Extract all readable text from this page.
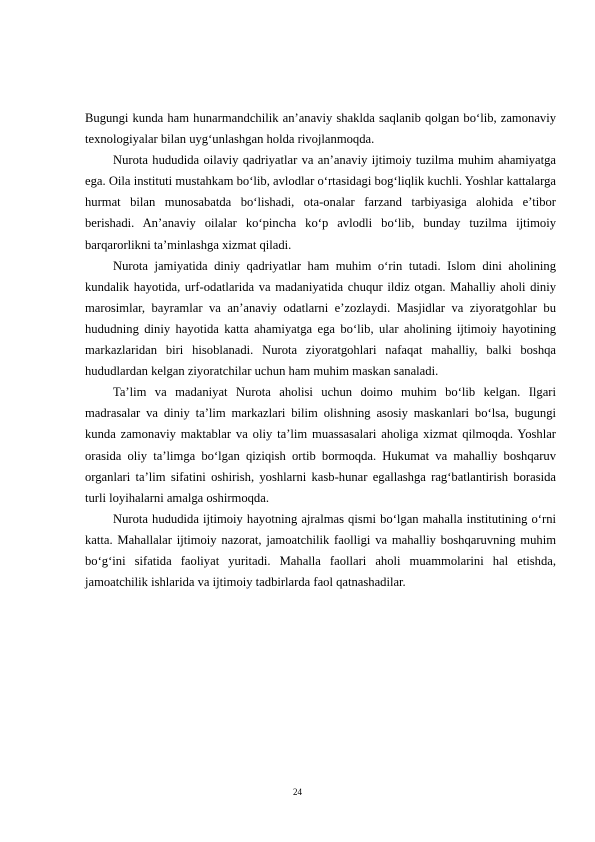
Bugungi kunda ham hunarmandchilik an’anaviy shaklda saqlanib qolgan bo‘lib, zamonaviy texnologiyalar bilan uyg‘unlashgan holda rivojlanmoqda.

Nurota hududida oilaviy qadriyatlar va an’anaviy ijtimoiy tuzilma muhim ahamiyatga ega. Oila instituti mustahkam bo‘lib, avlodlar o‘rtasidagi bog‘liqlik kuchli. Yoshlar kattalarga hurmat bilan munosabatda bo‘lishadi, ota-onalar farzand tarbiyasiga alohida e’tibor berishadi. An’anaviy oilalar ko‘pincha ko‘p avlodli bo‘lib, bunday tuzilma ijtimoiy barqarorlikni ta’minlashga xizmat qiladi.

Nurota jamiyatida diniy qadriyatlar ham muhim o‘rin tutadi. Islom dini aholining kundalik hayotida, urf-odatlarida va madaniyatida chuqur ildiz otgan. Mahalliy aholi diniy marosimlar, bayramlar va an’anaviy odatlarni e’zozlaydi. Masjidlar va ziyoratgohlar bu hududning diniy hayotida katta ahamiyatga ega bo‘lib, ular aholining ijtimoiy hayotining markazlaridan biri hisoblanadi. Nurota ziyoratgohlari nafaqat mahalliy, balki boshqa hududlardan kelgan ziyoratchilar uchun ham muhim maskan sanaladi.

Ta’lim va madaniyat Nurota aholisi uchun doimo muhim bo‘lib kelgan. Ilgari madrasalar va diniy ta’lim markazlari bilim olishning asosiy maskanlari bo‘lsa, bugungi kunda zamonaviy maktablar va oliy ta’lim muassasalari aholiga xizmat qilmoqda. Yoshlar orasida oliy ta’limga bo‘lgan qiziqish ortib bormoqda. Hukumat va mahalliy boshqaruv organlari ta’lim sifatini oshirish, yoshlarni kasb-hunar egallashga rag‘batlantirish borasida turli loyihalarni amalga oshirmoqda.

Nurota hududida ijtimoiy hayotning ajralmas qismi bo‘lgan mahalla institutining o‘rni katta. Mahallalar ijtimoiy nazorat, jamoatchilik faolligi va mahalliy boshqaruvning muhim bo‘g‘ini sifatida faoliyat yuritadi. Mahalla faollari aholi muammolarini hal etishda, jamoatchilik ishlarida va ijtimoiy tadbirlarda faol qatnashadilar.

24
